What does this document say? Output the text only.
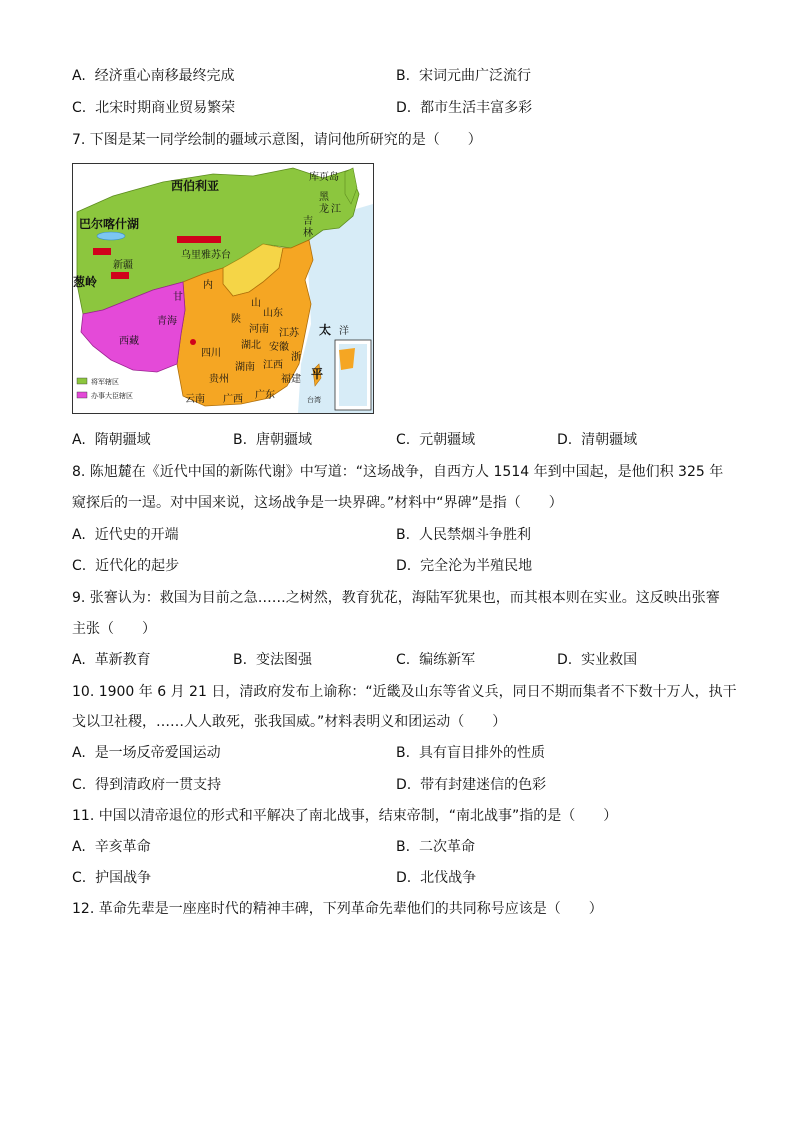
A. 经济重心南移最终完成	B. 宋词元曲广泛流行
C. 北宋时期商业贸易繁荣	D. 都市生活丰富多彩
7. 下图是某一同学绘制的疆域示意图，请问他所研究的是（　　）
西伯利亚
库页岛
巴尔喀什湖
新疆
葱岭
乌里雅苏台
内
甘
青海
西藏
四川
陕
山
山东
河南 江苏
湖北 安徽
浙
江西
湖南
福建
贵州
云南 广西 广东	台湾
黑
龙 江
吉
林
太
平
洋
将军辖区
办事大臣辖区
A. 隋朝疆域	B. 唐朝疆域	C. 元朝疆域	D. 清朝疆域
8. 陈旭麓在《近代中国的新陈代谢》中写道：“这场战争，自西方人 1514 年到中国起，是他们积 325 年
窥探后的一逞。对中国来说，这场战争是一块界碑。”材料中“界碑”是指（　　）
A. 近代史的开端	B. 人民禁烟斗争胜利
C. 近代化的起步	D. 完全沦为半殖民地
9. 张謇认为：救国为目前之急……之树然，教育犹花，海陆军犹果也，而其根本则在实业。这反映出张謇
主张（　　）
A. 革新教育	B. 变法图强	C. 编练新军	D. 实业救国
10. 1900 年 6 月 21 日，清政府发布上谕称：“近畿及山东等省义兵，同日不期而集者不下数十万人，执干
戈以卫社稷，……人人敢死，张我国威。”材料表明义和团运动（　　）
A. 是一场反帝爱国运动	B. 具有盲目排外的性质
C. 得到清政府一贯支持	D. 带有封建迷信的色彩
11. 中国以清帝退位的形式和平解决了南北战事，结束帝制，“南北战事”指的是（　　）
A. 辛亥革命	B. 二次革命
C. 护国战争	D. 北伐战争
12. 革命先辈是一座座时代的精神丰碑，下列革命先辈他们的共同称号应该是（　　）
